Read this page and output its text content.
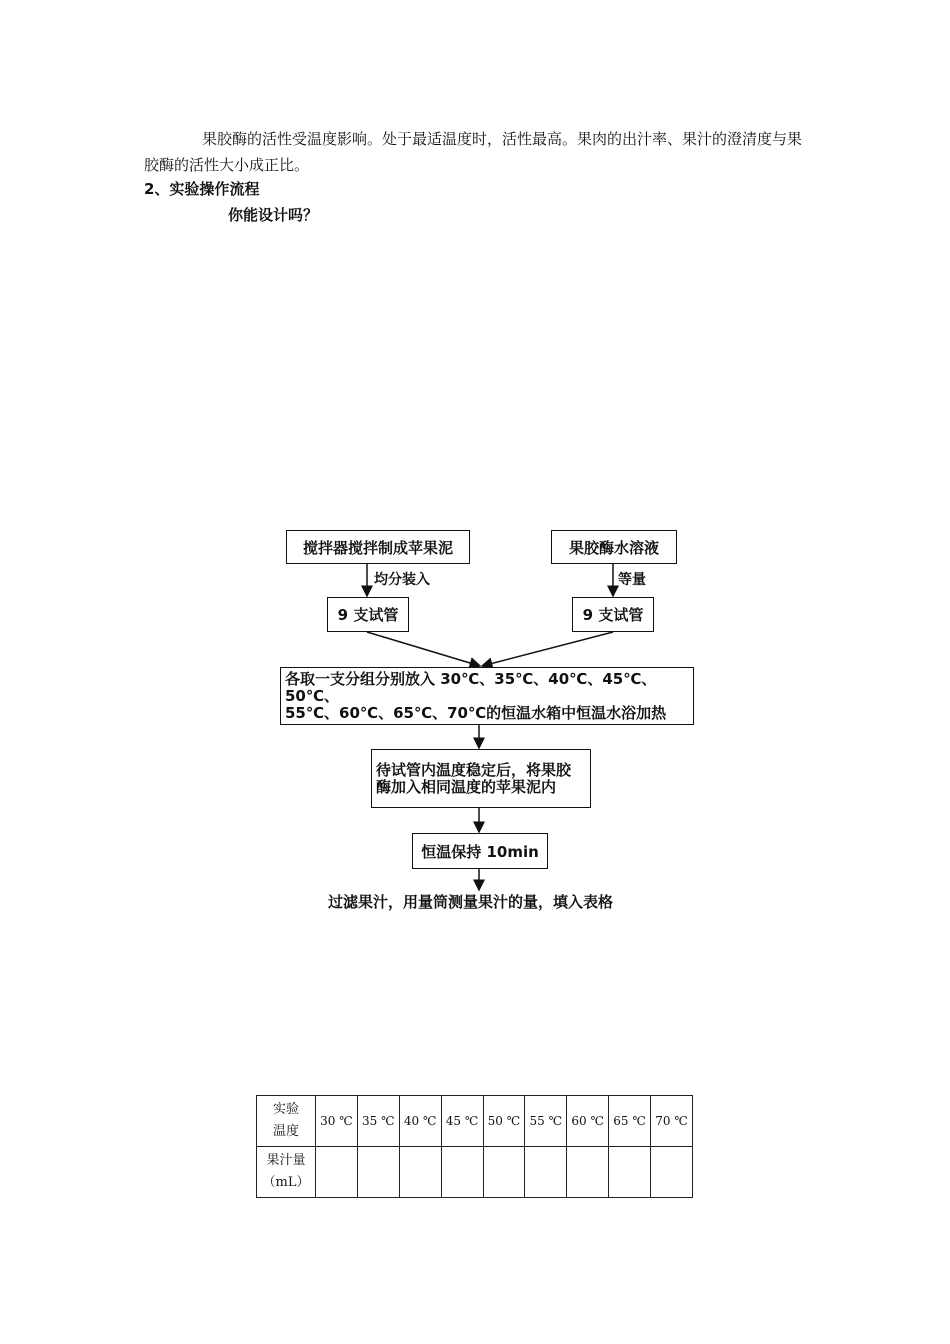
果胶酶的活性受温度影响。处于最适温度时，活性最高。果肉的出汁率、果汁的澄清度与果胶酶的活性大小成正比。

2、实验操作流程
你能设计吗？
搅拌器搅拌制成苹果泥	果胶酶水溶液
均分装入	等量
9 支试管	9 支试管
各取一支分组分别放入 30℃、35℃、40℃、45℃、50℃、
55℃、60℃、65℃、70℃的恒温水箱中恒温水浴加热
待试管内温度稳定后，将果胶
酶加入相同温度的苹果泥内
恒温保持 10min
过滤果汁，用量筒测量果汁的量，填入表格
实验
温度	30 ℃	35 ℃	40 ℃	45 ℃	50 ℃	55 ℃	60 ℃	65 ℃	70 ℃

果汁量
（mL）									
